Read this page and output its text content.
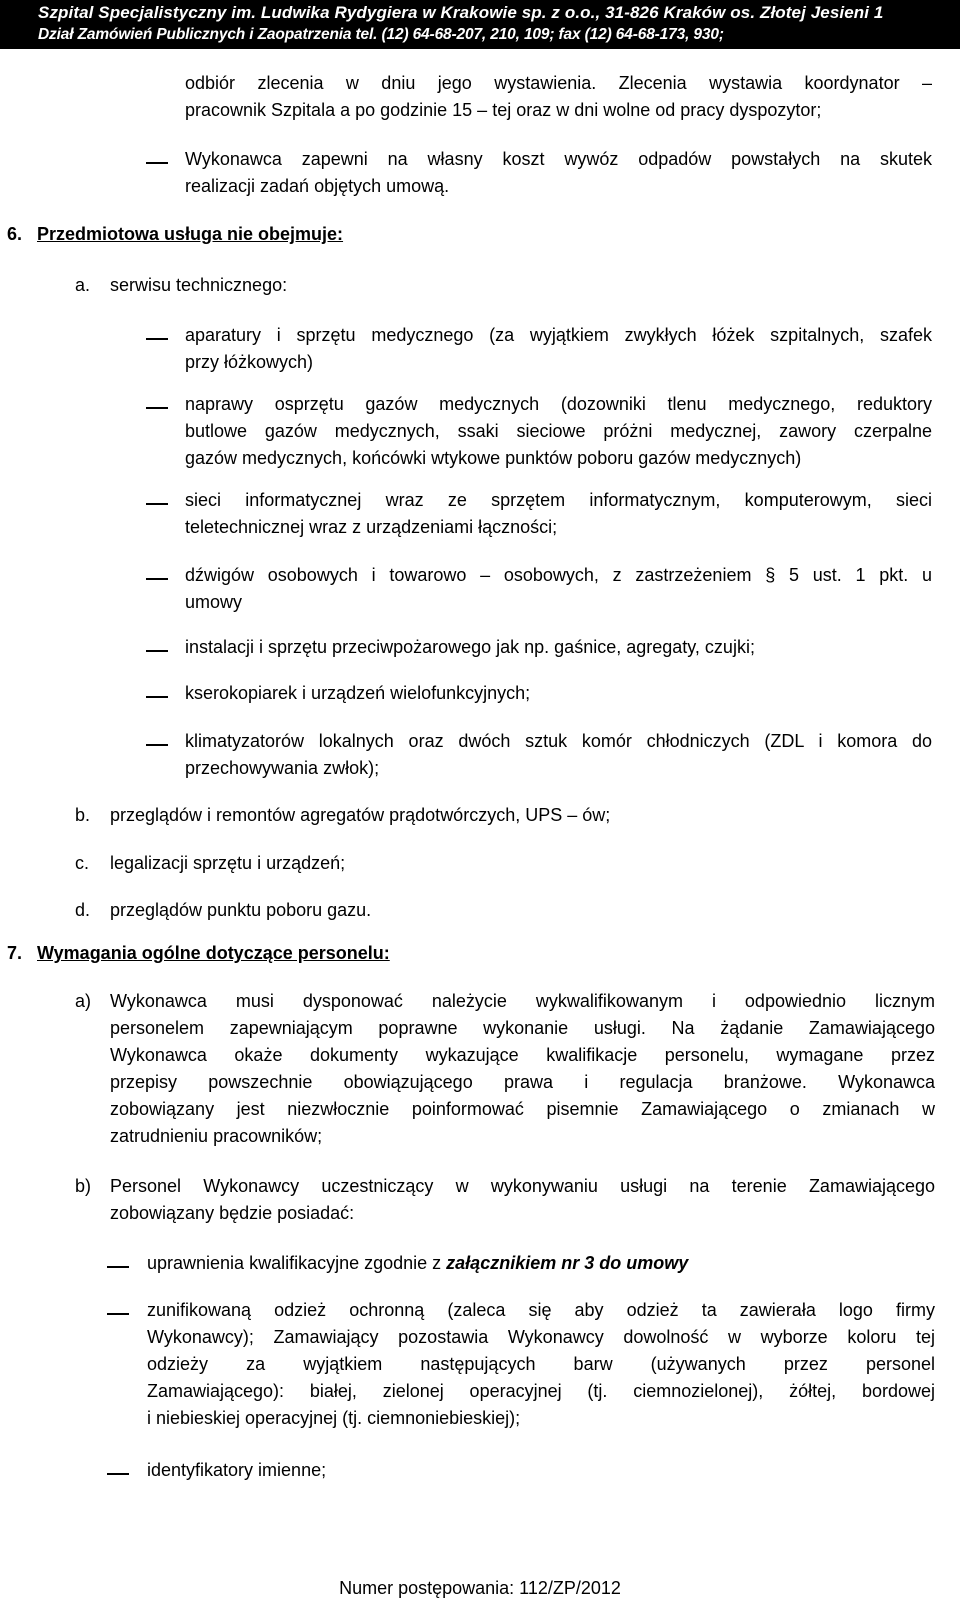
Szpital Specjalistyczny im. Ludwika Rydygiera w Krakowie sp. z o.o., 31-826 Kraków os. Złotej Jesieni 1
Dział Zamówień Publicznych i Zaopatrzenia tel. (12) 64-68-207, 210, 109; fax (12) 64-68-173, 930;
odbiór zlecenia w dniu jego wystawienia. Zlecenia wystawia koordynator –
pracownik Szpitala a po godzinie 15 – tej oraz w dni wolne od pracy dyspozytor;
Wykonawca zapewni na własny koszt wywóz odpadów powstałych na skutek
realizacji zadań objętych umową.
6. Przedmiotowa usługa nie obejmuje:
a. serwisu technicznego:
aparatury i sprzętu medycznego (za wyjątkiem zwykłych łóżek szpitalnych, szafek
przy łóżkowych)
naprawy osprzętu gazów medycznych (dozowniki tlenu medycznego, reduktory
butlowe gazów medycznych, ssaki sieciowe próżni medycznej, zawory czerpalne
gazów medycznych, końcówki wtykowe punktów poboru gazów medycznych)
sieci informatycznej wraz ze sprzętem informatycznym, komputerowym, sieci
teletechnicznej wraz z urządzeniami łączności;
dźwigów osobowych i towarowo – osobowych, z zastrzeżeniem § 5 ust. 1 pkt. u
umowy
instalacji i sprzętu przeciwpożarowego jak np. gaśnice, agregaty, czujki;
kserokopiarek i urządzeń wielofunkcyjnych;
klimatyzatorów lokalnych oraz dwóch sztuk komór chłodniczych (ZDL i komora do
przechowywania zwłok);
b. przeglądów i remontów agregatów prądotwórczych, UPS – ów;
c. legalizacji sprzętu i urządzeń;
d. przeglądów punktu poboru gazu.
7. Wymagania ogólne dotyczące personelu:
a) Wykonawca musi dysponować należycie wykwalifikowanym i odpowiednio licznym
personelem zapewniającym poprawne wykonanie usługi. Na żądanie Zamawiającego
Wykonawca okaże dokumenty wykazujące kwalifikacje personelu, wymagane przez
przepisy powszechnie obowiązującego prawa i regulacja branżowe. Wykonawca
zobowiązany jest niezwłocznie poinformować pisemnie Zamawiającego o zmianach w
zatrudnieniu pracowników;
b) Personel Wykonawcy uczestniczący w wykonywaniu usługi na terenie Zamawiającego
zobowiązany będzie posiadać:
uprawnienia kwalifikacyjne zgodnie z załącznikiem nr 3 do umowy
zunifikowaną odzież ochronną (zaleca się aby odzież ta zawierała logo firmy
Wykonawcy); Zamawiający pozostawia Wykonawcy dowolność w wyborze koloru tej
odzieży za wyjątkiem następujących barw (używanych przez personel
Zamawiającego): białej, zielonej operacyjnej (tj. ciemnozielonej), żółtej, bordowej
i niebieskiej operacyjnej (tj. ciemnoniebieskiej);
identyfikatory imienne;
Numer postępowania: 112/ZP/2012
